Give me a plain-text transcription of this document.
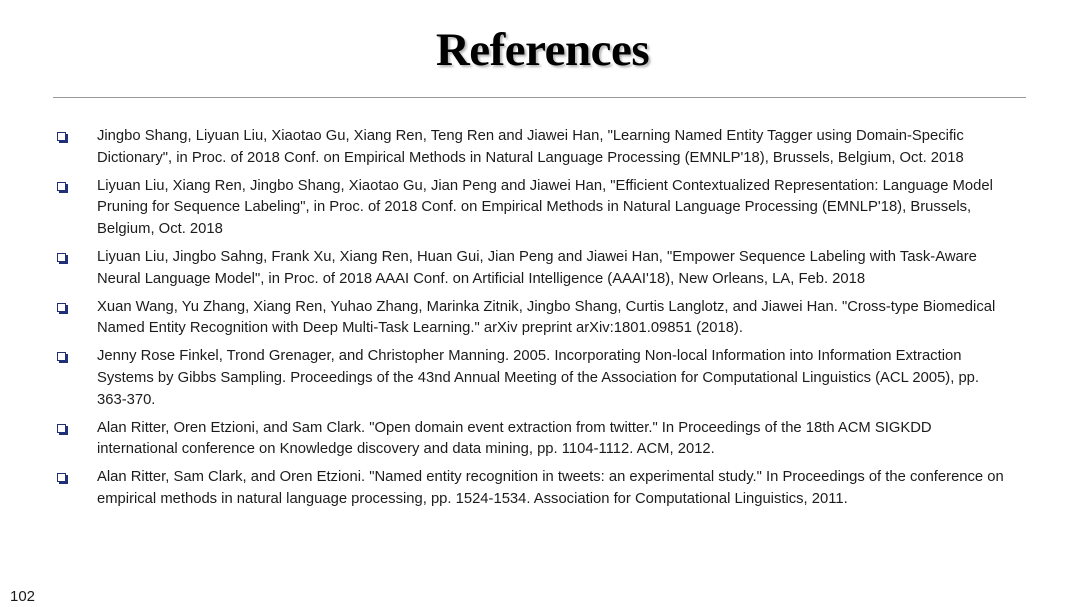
References
Jingbo Shang, Liyuan Liu, Xiaotao Gu, Xiang Ren, Teng Ren and Jiawei Han, "Learning Named Entity Tagger using Domain-Specific Dictionary", in Proc. of 2018 Conf. on Empirical Methods in Natural Language Processing (EMNLP'18), Brussels, Belgium, Oct. 2018
Liyuan Liu, Xiang Ren, Jingbo Shang, Xiaotao Gu, Jian Peng and Jiawei Han, "Efficient Contextualized Representation: Language Model Pruning for Sequence Labeling", in Proc. of 2018 Conf. on Empirical Methods in Natural Language Processing (EMNLP'18), Brussels, Belgium, Oct. 2018
Liyuan Liu, Jingbo Sahng, Frank Xu, Xiang Ren, Huan Gui, Jian Peng and Jiawei Han, "Empower Sequence Labeling with Task-Aware Neural Language Model", in Proc. of 2018 AAAI Conf. on Artificial Intelligence (AAAI'18), New Orleans, LA, Feb. 2018
Xuan Wang, Yu Zhang, Xiang Ren, Yuhao Zhang, Marinka Zitnik, Jingbo Shang, Curtis Langlotz, and Jiawei Han. "Cross-type Biomedical Named Entity Recognition with Deep Multi-Task Learning." arXiv preprint arXiv:1801.09851 (2018).
Jenny Rose Finkel, Trond Grenager, and Christopher Manning. 2005. Incorporating Non-local Information into Information Extraction Systems by Gibbs Sampling. Proceedings of the 43nd Annual Meeting of the Association for Computational Linguistics (ACL 2005), pp. 363-370.
Alan Ritter, Oren Etzioni, and Sam Clark. "Open domain event extraction from twitter." In Proceedings of the 18th ACM SIGKDD international conference on Knowledge discovery and data mining, pp. 1104-1112. ACM, 2012.
Alan Ritter, Sam Clark, and Oren Etzioni. "Named entity recognition in tweets: an experimental study." In Proceedings of the conference on empirical methods in natural language processing, pp. 1524-1534. Association for Computational Linguistics, 2011.
102
